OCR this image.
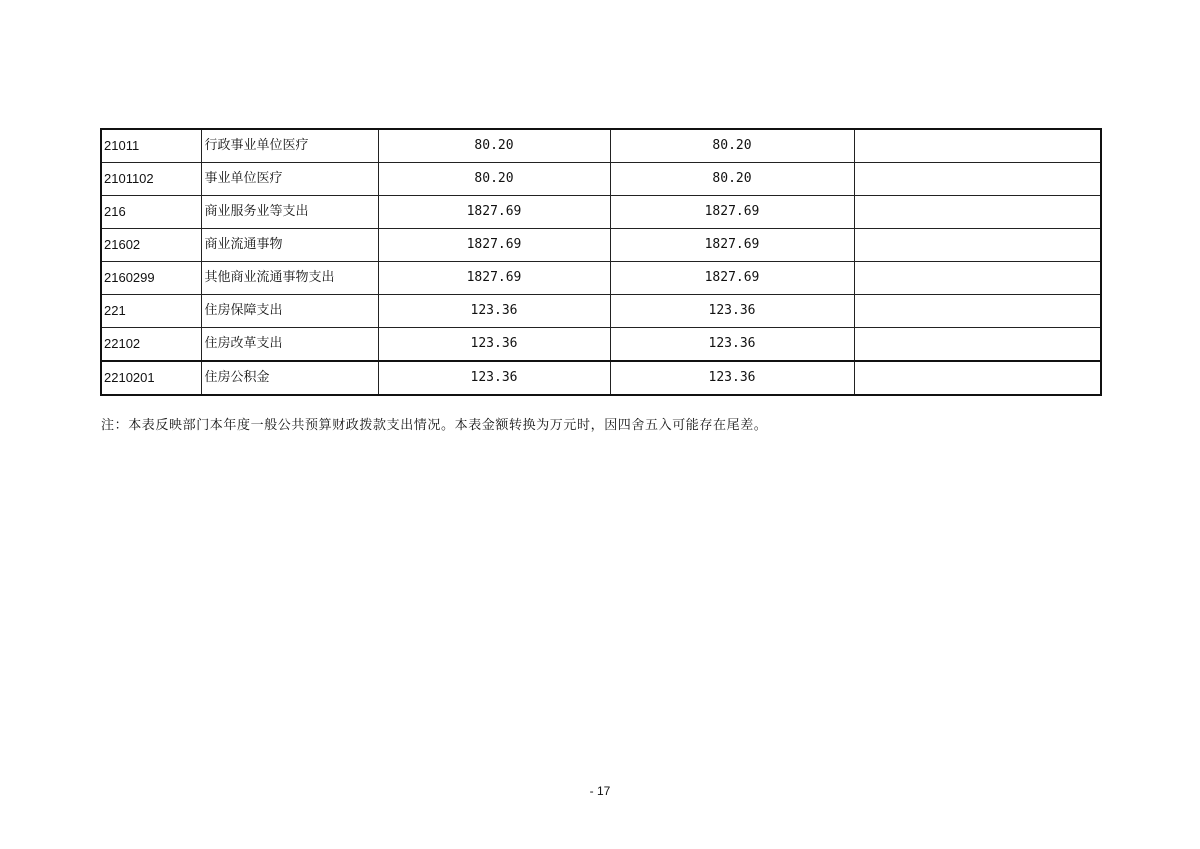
21011	行政事业单位医疗	80.20	80.20	
2101102	事业单位医疗	80.20	80.20	
216	商业服务业等支出	1827.69	1827.69	
21602	商业流通事物	1827.69	1827.69	
2160299	其他商业流通事物支出	1827.69	1827.69	
221	住房保障支出	123.36	123.36	
22102	住房改革支出	123.36	123.36	
2210201	住房公积金	123.36	123.36	
注：本表反映部门本年度一般公共预算财政拨款支出情况。本表金额转换为万元时，因四舍五入可能存在尾差。
- 17
